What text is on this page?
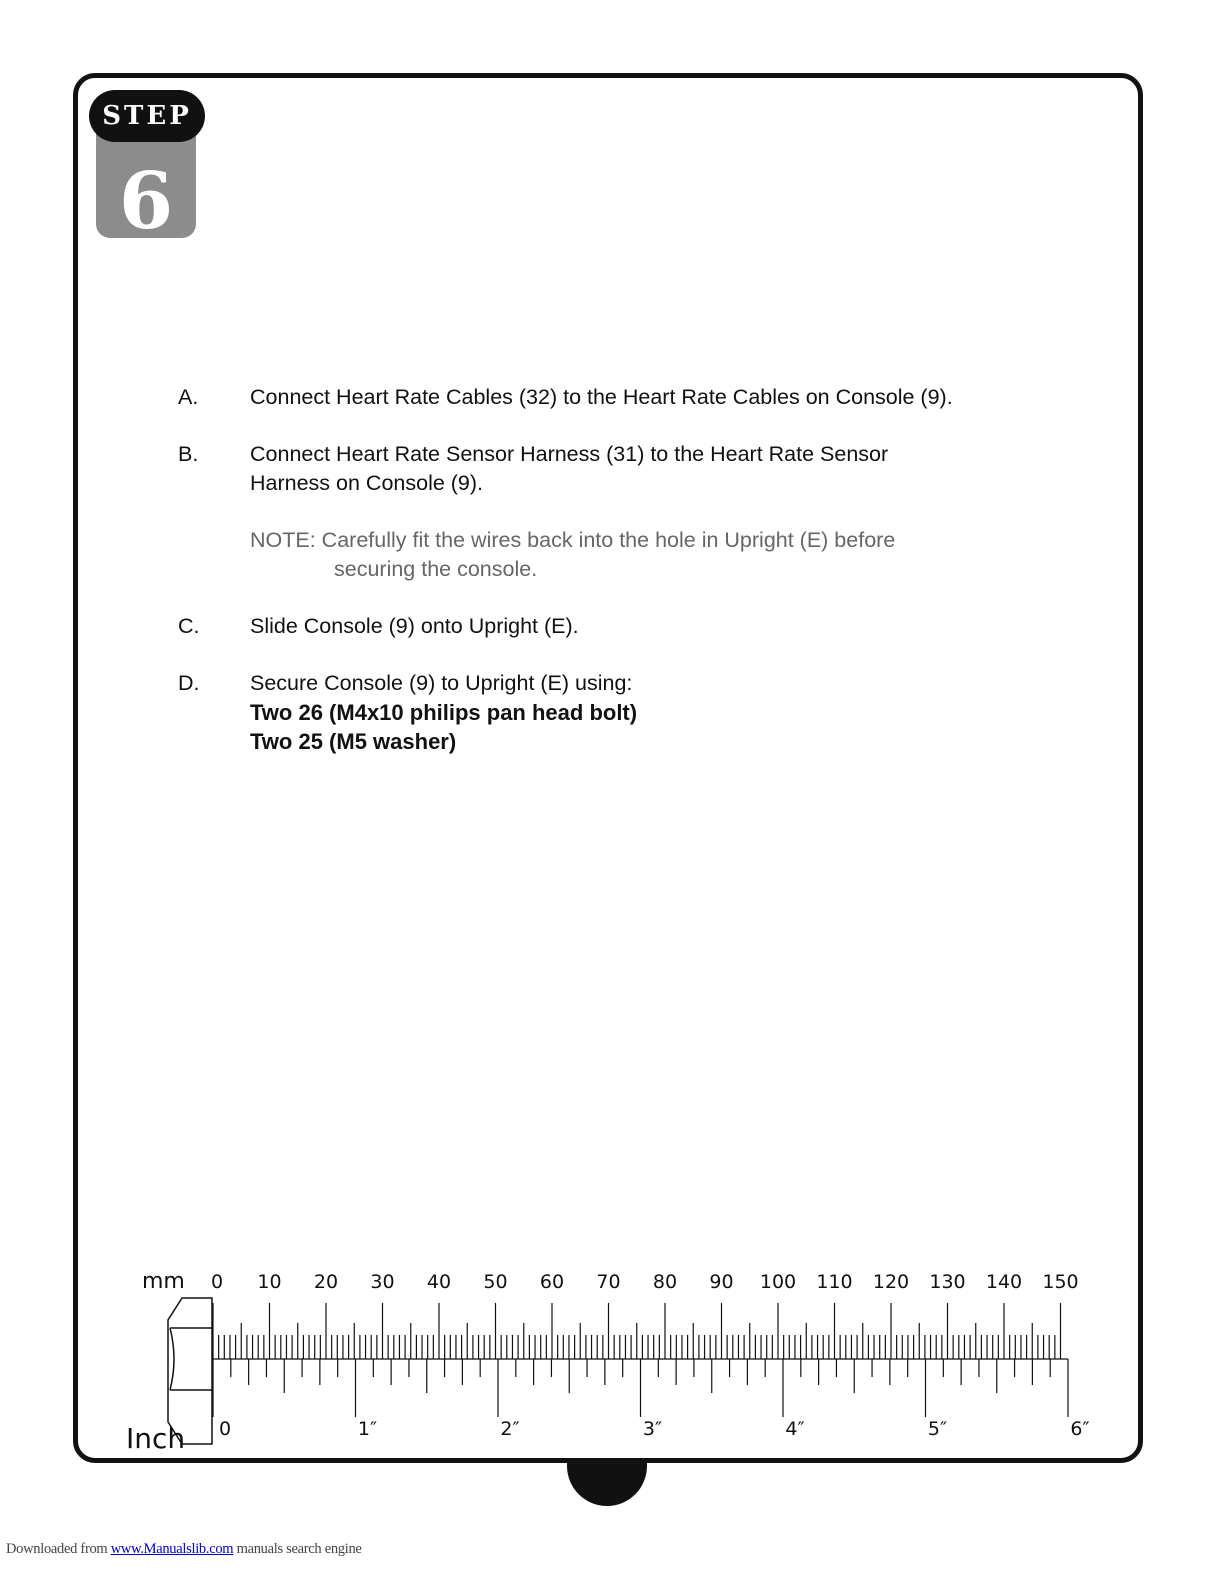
6
STEP
A.	Connect Heart Rate Cables (32) to the Heart Rate Cables on Console (9).
B.	Connect Heart Rate Sensor Harness (31) to the Heart Rate Sensor
Harness on Console (9).
NOTE: Carefully fit the wires back into the hole in Upright (E) before
securing the console.
C.	Slide Console (9) onto Upright (E).
D.	Secure Console (9) to Upright (E) using:
Two 26 (M4x10 philips pan head bolt)
Two 25 (M5 washer)
mm
Inch
0 10 20 30 40 50 60 70 80 90 100 110 120 130 140 150
0	1″	2″	3″	4″	5″	6″
Downloaded from www.Manualslib.com manuals search engine
